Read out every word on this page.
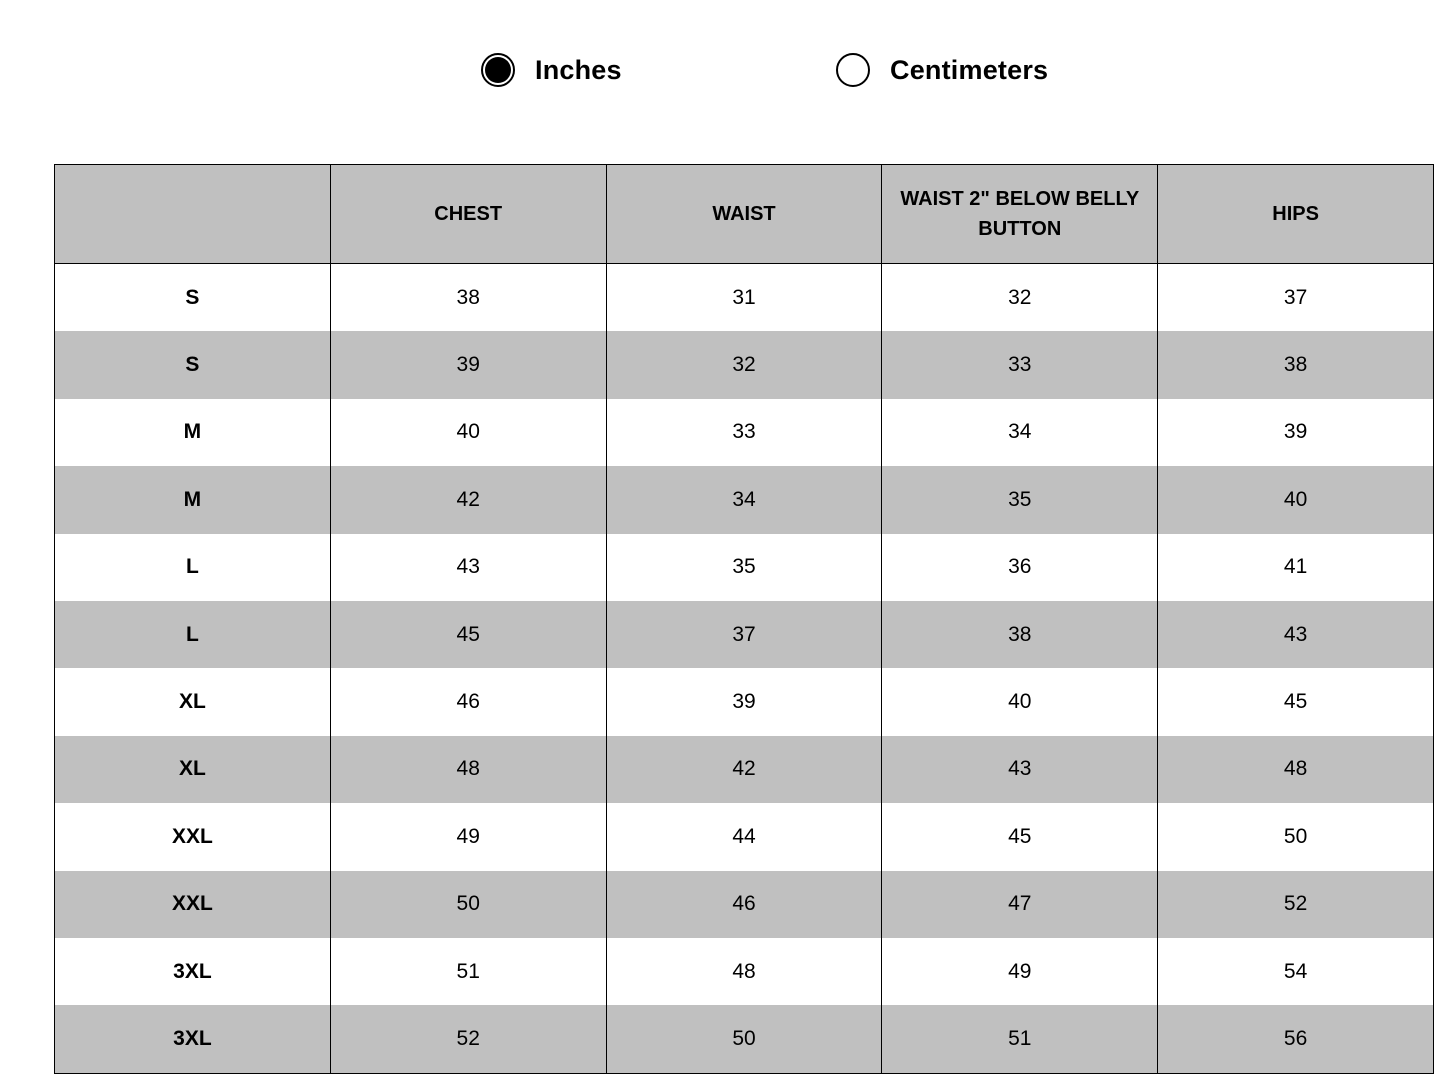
Inches	Centimeters
	CHEST	WAIST	WAIST 2" BELOW BELLY BUTTON	HIPS
S	38	31	32	37
S	39	32	33	38
M	40	33	34	39
M	42	34	35	40
L	43	35	36	41
L	45	37	38	43
XL	46	39	40	45
XL	48	42	43	48
XXL	49	44	45	50
XXL	50	46	47	52
3XL	51	48	49	54
3XL	52	50	51	56
